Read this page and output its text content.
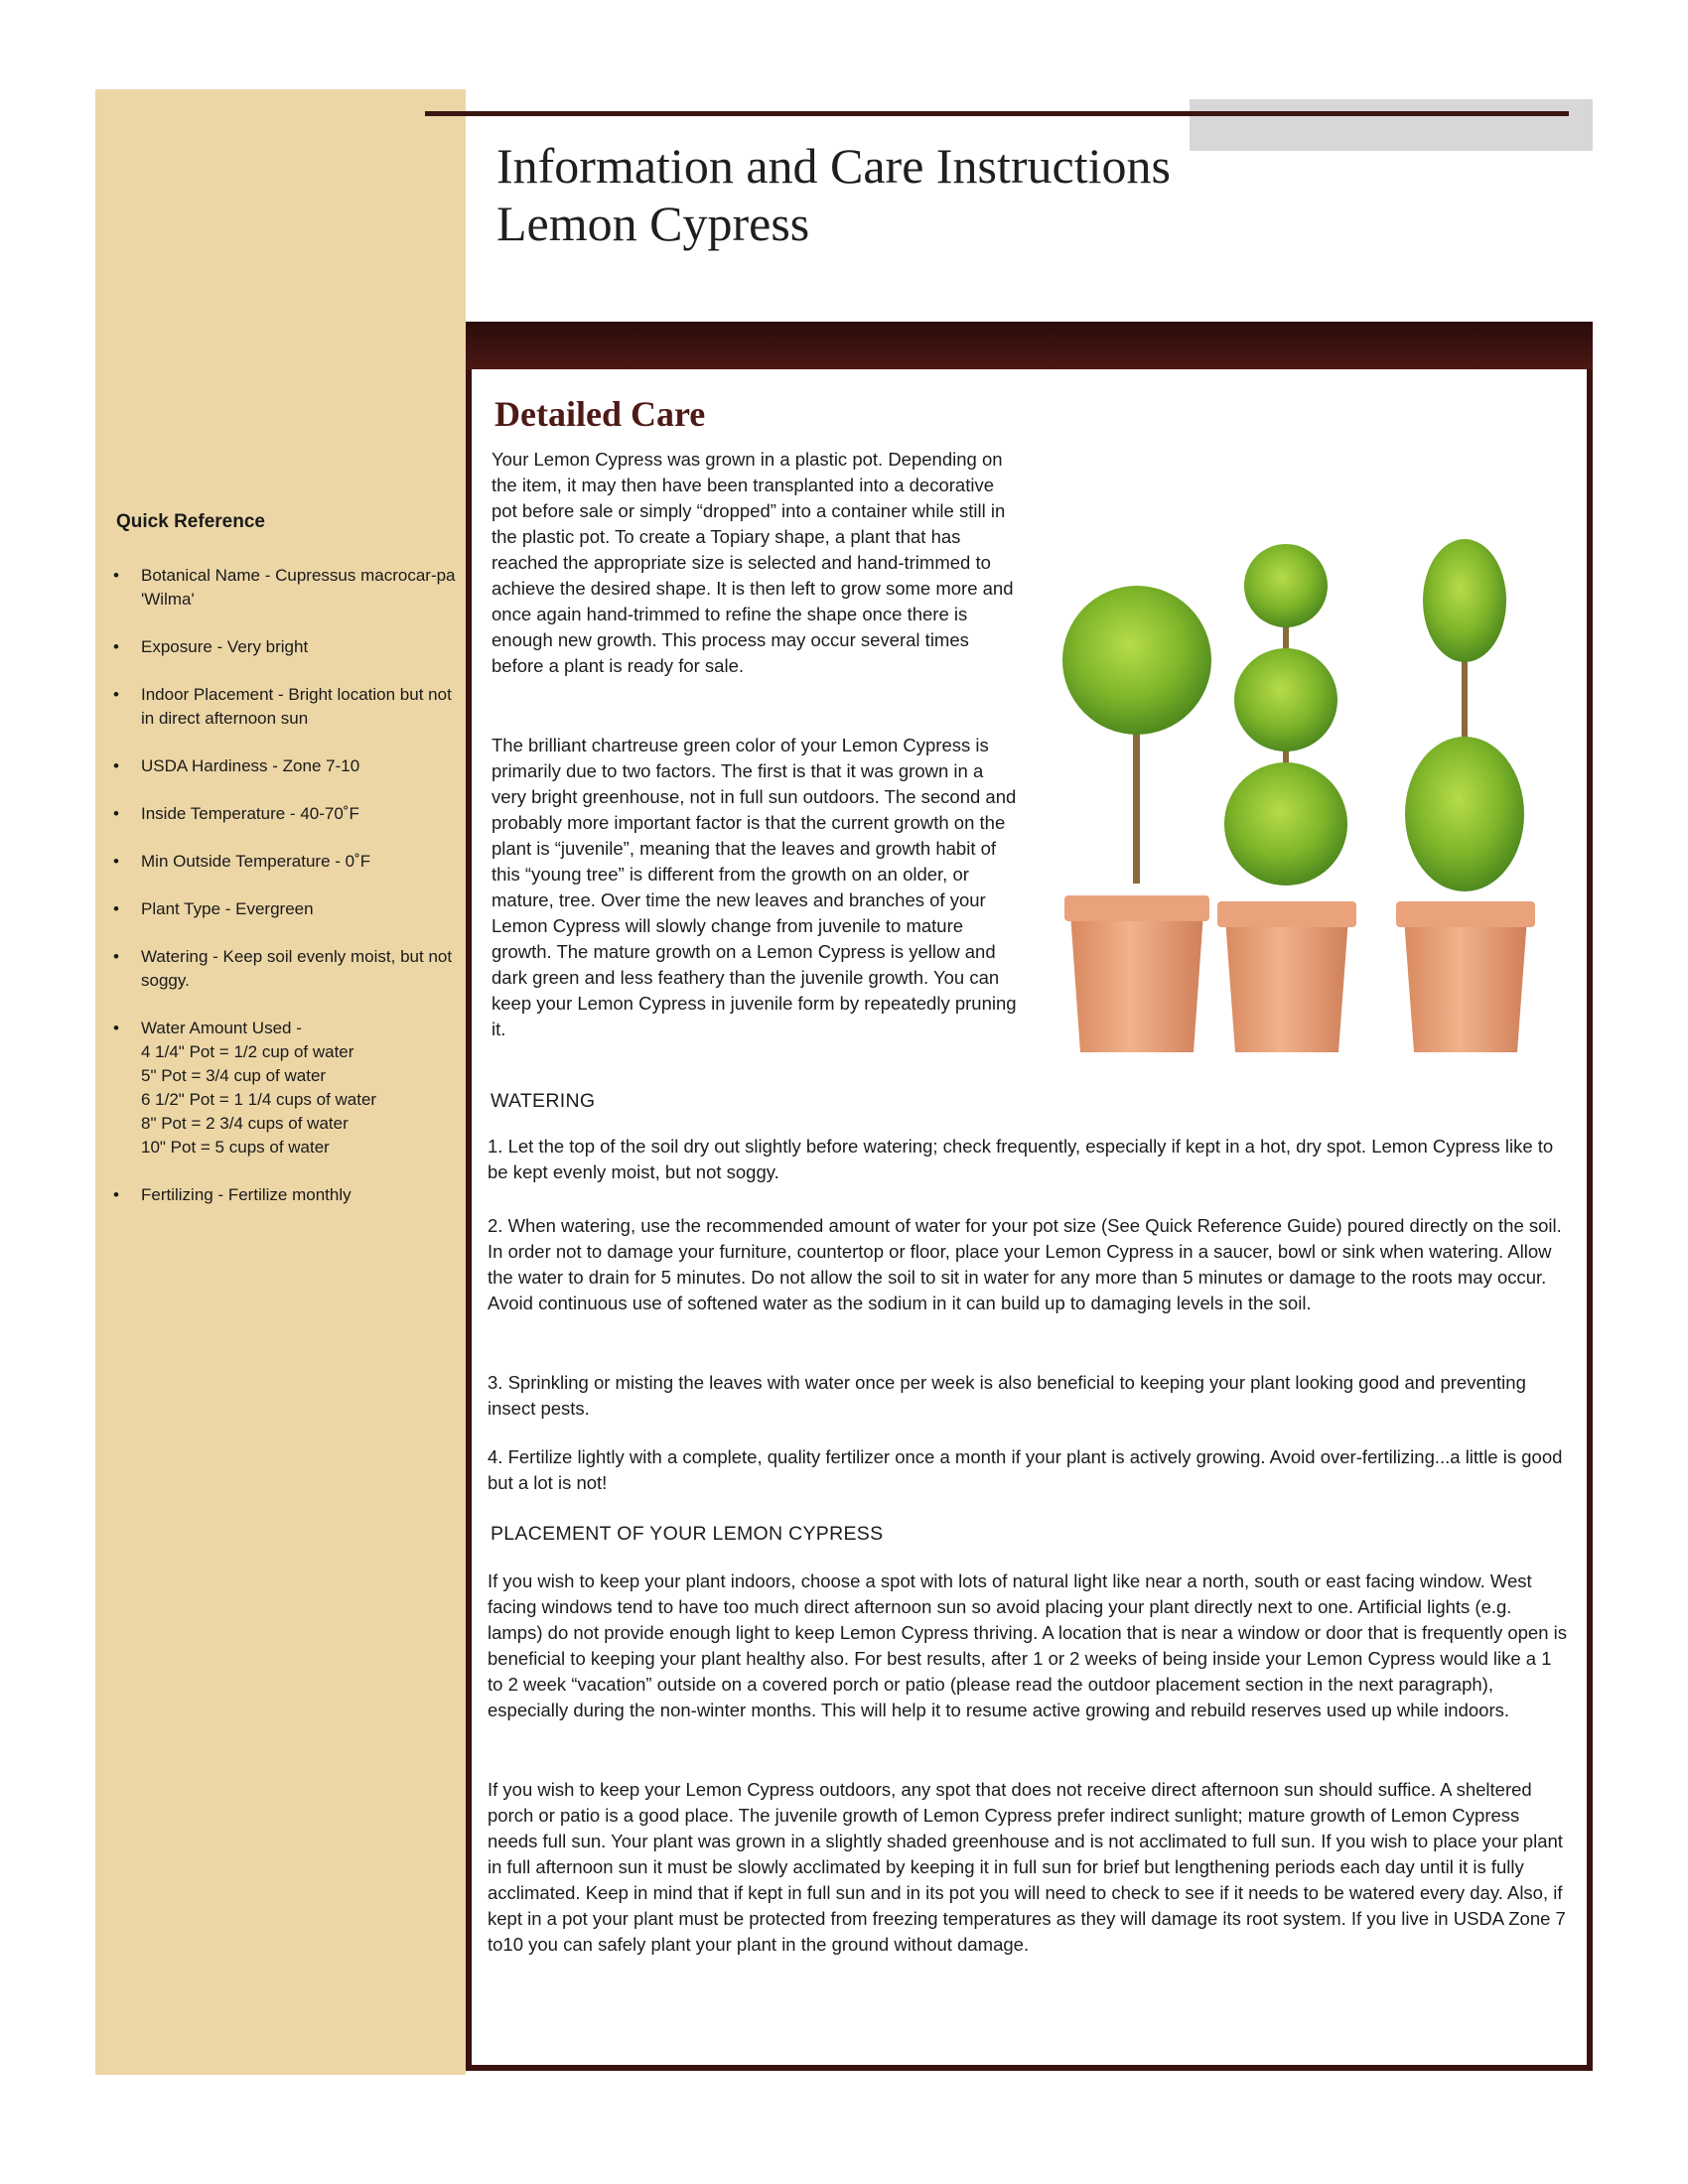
Quick Reference
• Botanical Name - Cupressus macrocar-pa 'Wilma'
• Exposure - Very bright
• Indoor Placement - Bright location but not in direct afternoon sun
• USDA Hardiness - Zone 7-10
• Inside Temperature - 40-70˚F
• Min Outside Temperature - 0˚F
• Plant Type - Evergreen
• Watering - Keep soil evenly moist, but not soggy.
• Water Amount Used -
4 1/4" Pot = 1/2 cup of water
5" Pot = 3/4 cup of water
6 1/2" Pot = 1 1/4 cups of water
8" Pot = 2 3/4 cups of water
10" Pot = 5 cups of water
• Fertilizing - Fertilize monthly
Information and Care Instructions
Lemon Cypress
Detailed Care
Your Lemon Cypress was grown in a plastic pot. Depending on the item, it may then have been transplanted into a decorative pot before sale or simply “dropped” into a container while still in the plastic pot. To create a Topiary shape, a plant that has reached the appropriate size is selected and hand-trimmed to achieve the desired shape. It is then left to grow some more and once again hand-trimmed to refine the shape once there is enough new growth. This process may occur several times before a plant is ready for sale.
The brilliant chartreuse green color of your Lemon Cypress is primarily due to two factors. The first is that it was grown in a very bright greenhouse, not in full sun outdoors. The second and probably more important factor is that the current growth on the plant is “juvenile”, meaning that the leaves and growth habit of this “young tree” is different from the growth on an older, or mature, tree. Over time the new leaves and branches of your Lemon Cypress will slowly change from juvenile to mature growth. The mature growth on a Lemon Cypress is yellow and dark green and less feathery than the juvenile growth. You can keep your Lemon Cypress in juvenile form by repeatedly pruning it.
WATERING
1. Let the top of the soil dry out slightly before watering; check frequently, especially if kept in a hot, dry spot. Lemon Cypress like to be kept evenly moist, but not soggy.
2. When watering, use the recommended amount of water for your pot size (See Quick Reference Guide) poured directly on the soil. In order not to damage your furniture, countertop or floor, place your Lemon Cypress in a saucer, bowl or sink when watering. Allow the water to drain for 5 minutes. Do not allow the soil to sit in water for any more than 5 minutes or damage to the roots may occur. Avoid continuous use of softened water as the sodium in it can build up to damaging levels in the soil.
3. Sprinkling or misting the leaves with water once per week is also beneficial to keeping your plant looking good and preventing insect pests.
4. Fertilize lightly with a complete, quality fertilizer once a month if your plant is actively growing. Avoid over-fertilizing...a little is good but a lot is not!
PLACEMENT OF YOUR LEMON CYPRESS
If you wish to keep your plant indoors, choose a spot with lots of natural light like near a north, south or east facing window. West facing windows tend to have too much direct afternoon sun so avoid placing your plant directly next to one. Artificial lights (e.g. lamps) do not provide enough light to keep Lemon Cypress thriving. A location that is near a window or door that is frequently open is beneficial to keeping your plant healthy also. For best results, after 1 or 2 weeks of being inside your Lemon Cypress would like a 1 to 2 week “vacation” outside on a covered porch or patio (please read the outdoor placement section in the next paragraph), especially during the non-winter months. This will help it to resume active growing and rebuild reserves used up while indoors.
If you wish to keep your Lemon Cypress outdoors, any spot that does not receive direct afternoon sun should suffice. A sheltered porch or patio is a good place. The juvenile growth of Lemon Cypress prefer indirect sunlight; mature growth of Lemon Cypress needs full sun. Your plant was grown in a slightly shaded greenhouse and is not acclimated to full sun. If you wish to place your plant in full afternoon sun it must be slowly acclimated by keeping it in full sun for brief but lengthening periods each day until it is fully acclimated. Keep in mind that if kept in full sun and in its pot you will need to check to see if it needs to be watered every day. Also, if kept in a pot your plant must be protected from freezing temperatures as they will damage its root system. If you live in USDA Zone 7 to10 you can safely plant your plant in the ground without damage.
